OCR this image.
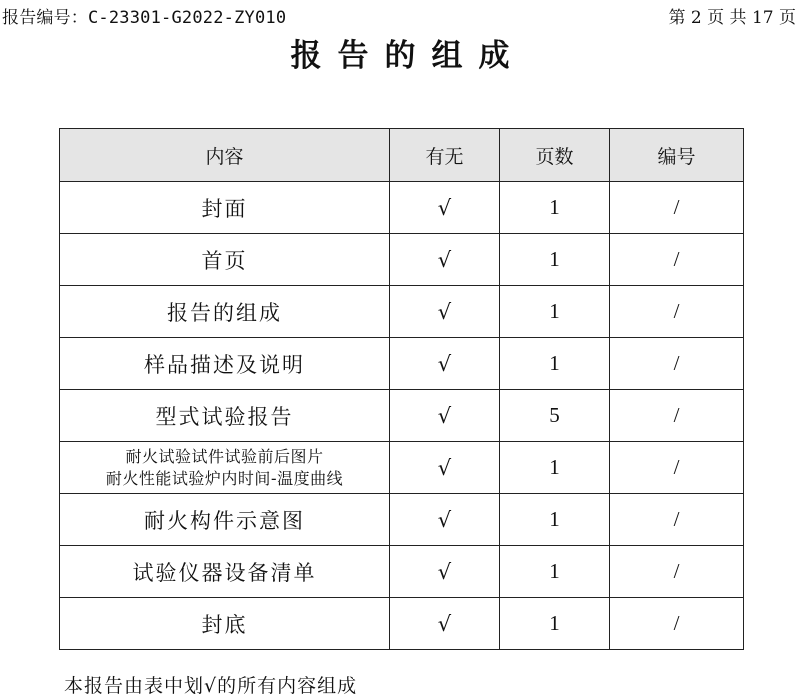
报告编号：C-23301-G2022-ZY010	第 2 页 共 17 页
报告的组成
内容	有无	页数	编号
封面	√	1	/
首页	√	1	/
报告的组成	√	1	/
样品描述及说明	√	1	/
型式试验报告	√	5	/

耐火试验试件试验前后图片
耐火性能试验炉内时间-温度曲线	√	1	/
耐火构件示意图	√	1	/
试验仪器设备清单	√	1	/
封底	√	1	/
本报告由表中划√的所有内容组成
